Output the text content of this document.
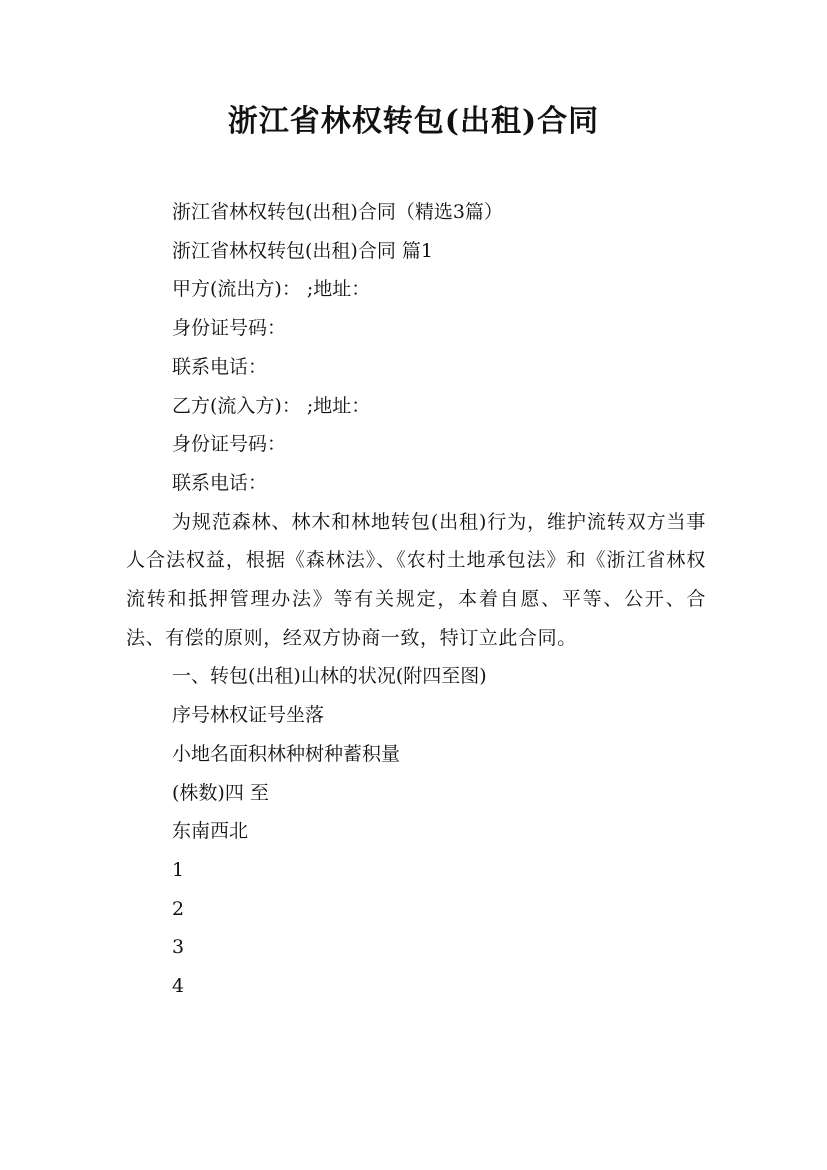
浙江省林权转包(出租)合同

浙江省林权转包(出租)合同（精选3篇）

浙江省林权转包(出租)合同 篇1

甲方(流出方)： ;地址：

身份证号码：

联系电话：

乙方(流入方)： ;地址：

身份证号码：

联系电话：

为规范森林、林木和林地转包(出租)行为，维护流转双方当事人合法权益，根据《森林法》、《农村土地承包法》和《浙江省林权流转和抵押管理办法》等有关规定，本着自愿、平等、公开、合法、有偿的原则，经双方协商一致，特订立此合同。

一、转包(出租)山林的状况(附四至图)

序号林权证号坐落

小地名面积林种树种蓄积量

(株数)四 至

东南西北

1

2

3

4
